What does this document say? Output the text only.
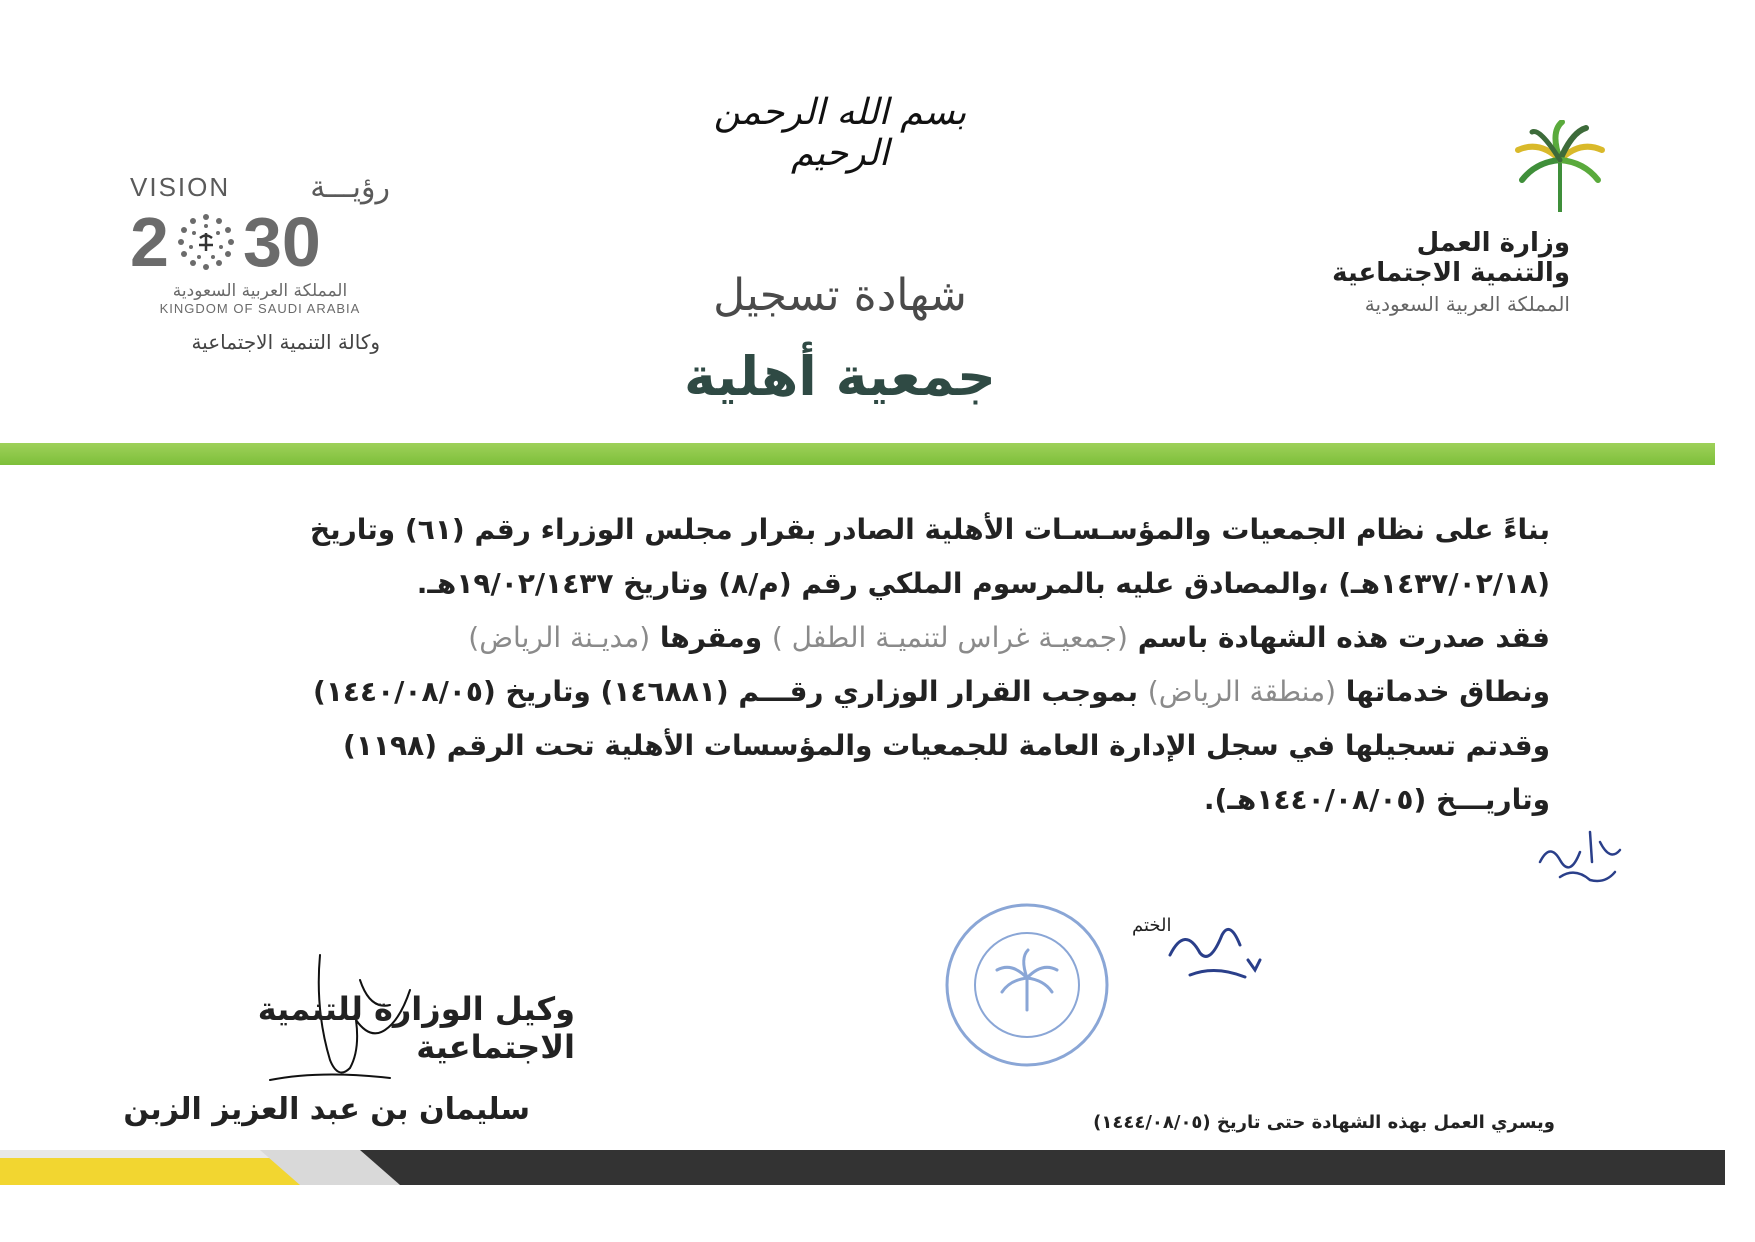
بسم الله الرحمن الرحيم
VISION	رؤيـــة
2 30
المملكة العربية السعودية
KINGDOM OF SAUDI ARABIA
وكالة التنمية الاجتماعية
شهادة تسجيل
جمعية أهلية
وزارة العمل
والتنمية الاجتماعية
المملكة العربية السعودية
بناءً على نظام الجمعيات والمؤسـسـات الأهلية الصادر بقرار مجلس الوزراء رقم (٦١) وتاريخ
(١٤٣٧/٠٢/١٨هـ) ،والمصادق عليه بالمرسوم الملكي رقم (م/٨) وتاريخ ١٩/٠٢/١٤٣٧هـ.
فقد صدرت هذه الشهادة باسم (جمعيـة غراس لتنميـة الطفل ) ومقرها (مديـنة الرياض)
ونطاق خدماتها (منطقة الرياض) بموجب القرار الوزاري رقـــم (١٤٦٨٨١) وتاريخ (١٤٤٠/٠٨/٠٥)
وقدتم تسجيلها في سجل الإدارة العامة للجمعيات والمؤسسات الأهلية تحت الرقم (١١٩٨)
وتاريـــخ (١٤٤٠/٠٨/٠٥هـ).
الختم
وكيل الوزارة للتنمية الاجتماعية
سليمان بن عبد العزيز الزبن	ويسري العمل بهذه الشهادة حتى تاريخ (١٤٤٤/٠٨/٠٥)
